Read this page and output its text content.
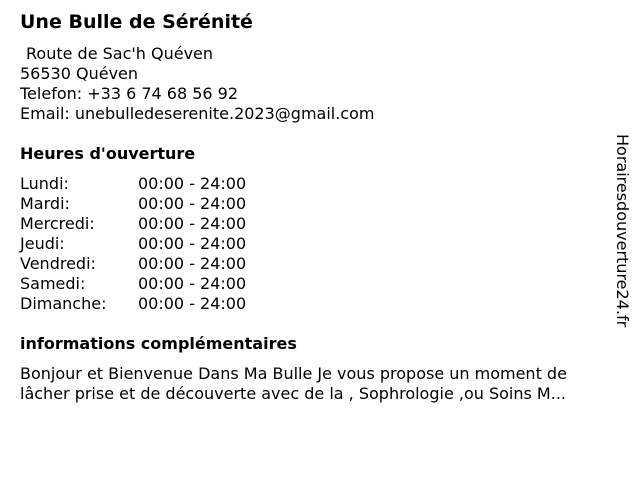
Une Bulle de Sérénité
Route de Sac'h Quéven
56530 Quéven
Telefon: +33 6 74 68 56 92
Email: unebulledeserenite.2023@gmail.com
Heures d'ouverture
Lundi:	00:00 - 24:00
Mardi:	00:00 - 24:00
Mercredi:	00:00 - 24:00
Jeudi:	00:00 - 24:00
Vendredi:	00:00 - 24:00
Samedi:	00:00 - 24:00
Dimanche:	00:00 - 24:00
informations complémentaires
Bonjour et Bienvenue Dans Ma Bulle Je vous propose un moment de
lâcher prise et de découverte avec de la , Sophrologie ,ou Soins M...
Horairesdouverture24.fr
